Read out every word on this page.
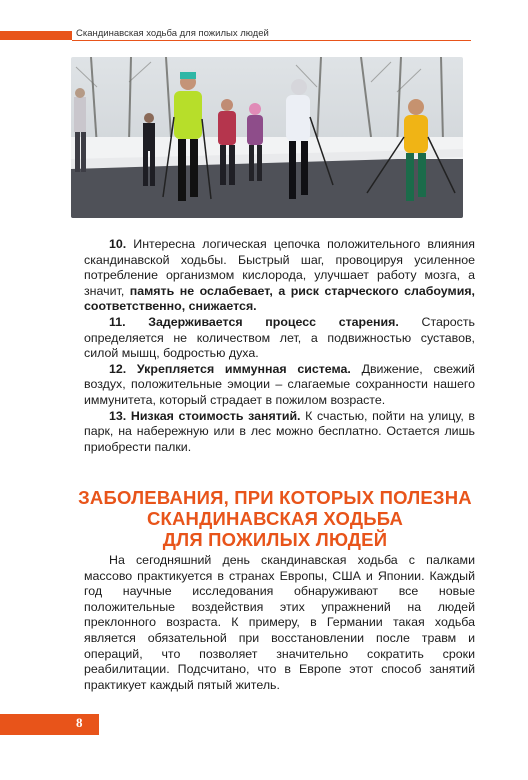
Скандинавская ходьба для пожилых людей

10. Интересна логическая цепочка положительного влияния скандинавской ходьбы. Быстрый шаг, провоцируя усиленное потребление организмом кислорода, улучшает работу мозга, а значит, память не ослабевает, а риск старческого слабоумия, соответственно, снижается.

11. Задерживается процесс старения. Старость определяется не количеством лет, а подвижностью суставов, силой мышц, бодростью духа.

12. Укрепляется иммунная система. Движение, свежий воздух, положительные эмоции – слагаемые сохранности нашего иммунитета, который страдает в пожилом возрасте.

13. Низкая стоимость занятий. К счастью, пойти на улицу, в парк, на набережную или в лес можно бесплатно. Остается лишь приобрести палки.

ЗАБОЛЕВАНИЯ, ПРИ КОТОРЫХ ПОЛЕЗНА
СКАНДИНАВСКАЯ ХОДЬБА
ДЛЯ ПОЖИЛЫХ ЛЮДЕЙ

На сегодняшний день скандинавская ходьба с палками массово практикуется в странах Европы, США и Японии. Каждый год научные исследования обнаруживают все новые положительные воздействия этих упражнений на людей преклонного возраста. К примеру, в Германии такая ходьба является обязательной при восстановлении после травм и операций, что позволяет значительно сократить сроки реабилитации. Подсчитано, что в Европе этот способ занятий практикует каждый пятый житель.

8
